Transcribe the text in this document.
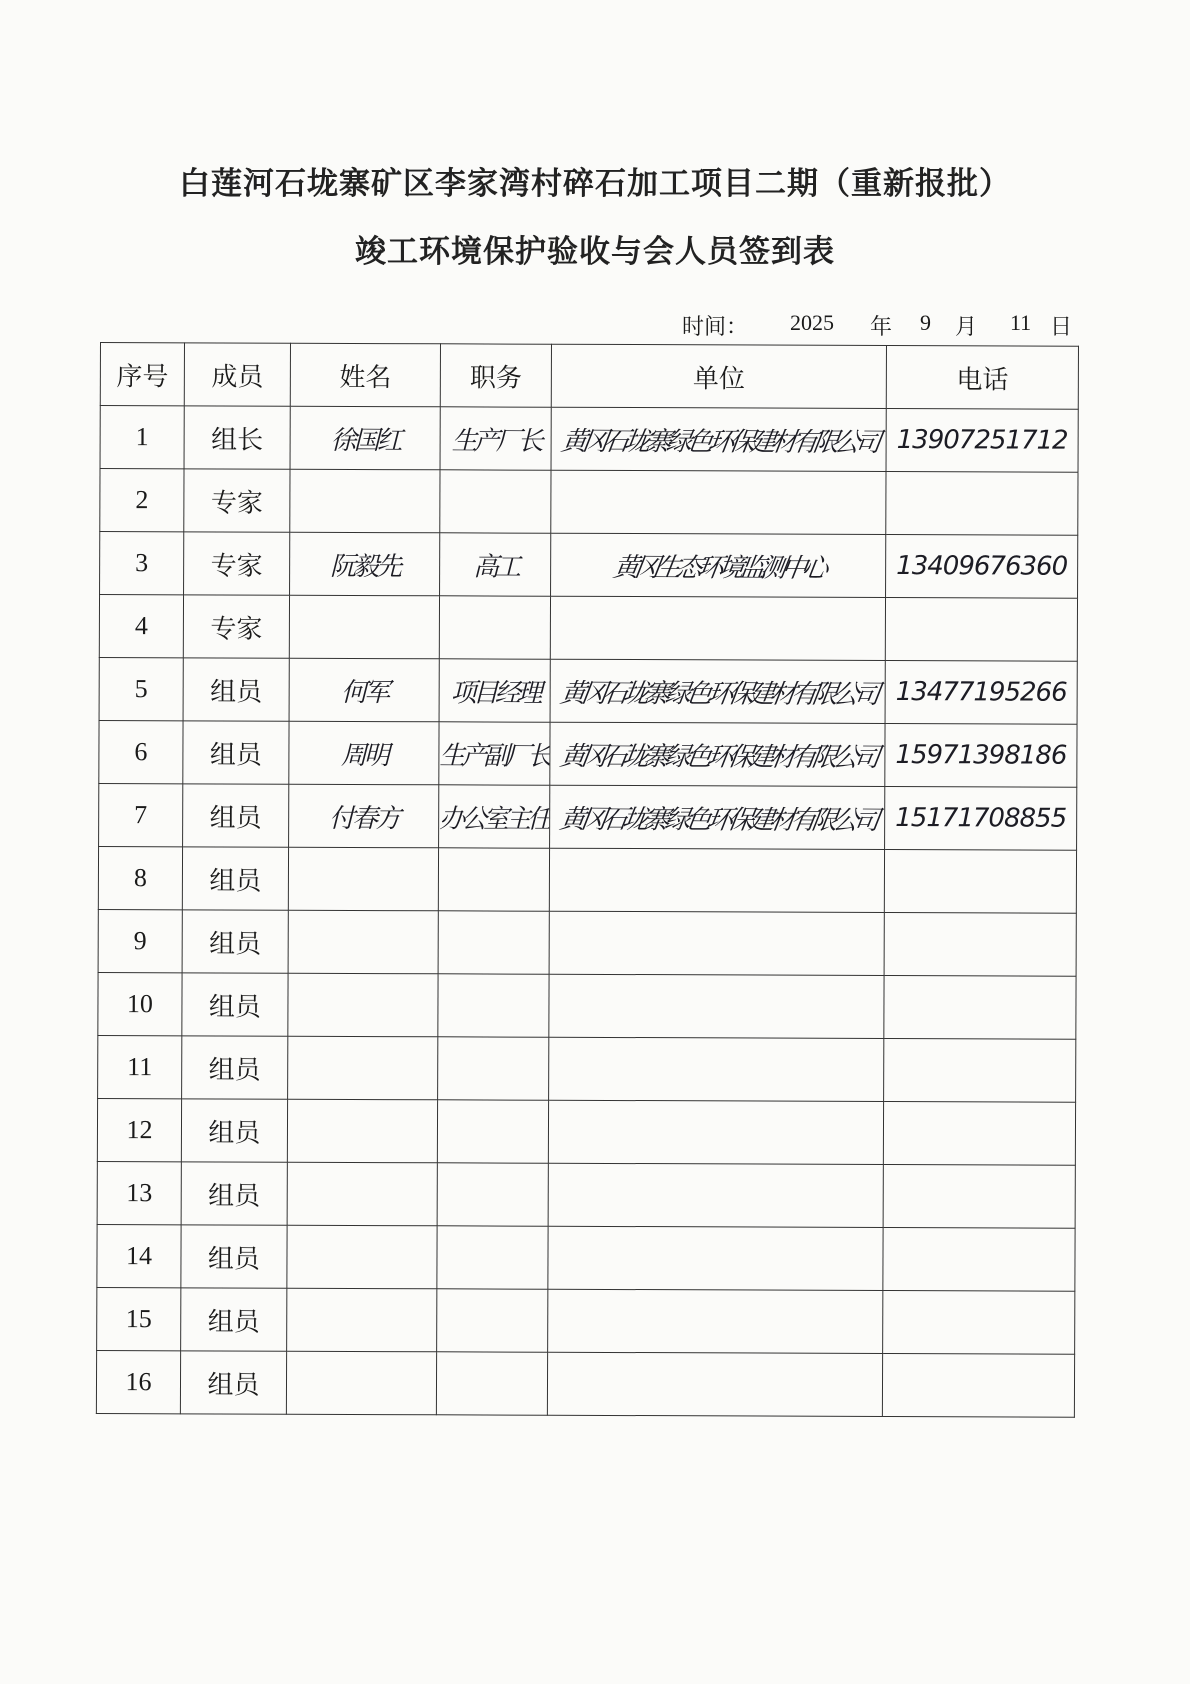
白莲河石垅寨矿区李家湾村碎石加工项目二期（重新报批）
竣工环境保护验收与会人员签到表
时间： 2025 年 9 月 11 日
序号	成员	姓名	职务	单位	电话
1	组长	徐国红	生产厂长	黄冈石垅寨绿色环保建材有限公司	13907251712
2	专家				
3	专家	阮毅先	高工	黄冈生态环境监测中心	13409676360
4	专家				
5	组员	何军	项目经理	黄冈石垅寨绿色环保建材有限公司	13477195266
6	组员	周明	生产副厂长	黄冈石垅寨绿色环保建材有限公司	15971398186
7	组员	付春方	办公室主任	黄冈石垅寨绿色环保建材有限公司	15171708855
8	组员				
9	组员				
10	组员				
11	组员				
12	组员				
13	组员				
14	组员				
15	组员				
16	组员				
